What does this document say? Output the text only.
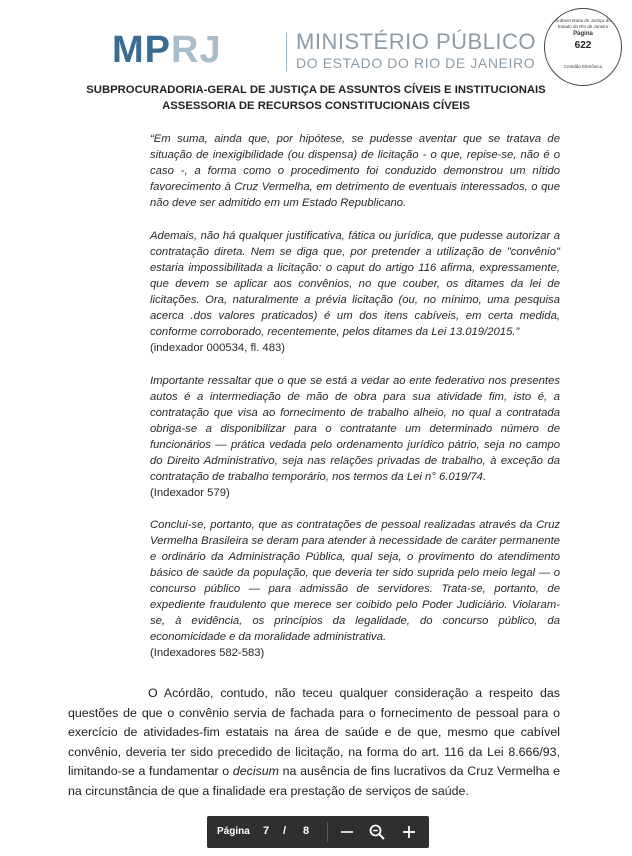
MPRJ	MINISTÉRIO PÚBLICO
DO ESTADO DO RIO DE JANEIRO
Subsecretaria de Justiça do Estado do Rio de Janeiro
Página
622
Certidão Eletrônica
SUBPROCURADORIA-GERAL DE JUSTIÇA DE ASSUNTOS CÍVEIS E INSTITUCIONAIS
ASSESSORIA DE RECURSOS CONSTITUCIONAIS CÍVEIS
“Em suma, ainda que, por hipótese, se pudesse aventar que se tratava de situação de inexigibilidade (ou dispensa) de licitação - o que, repise-se, não é o caso -, a forma como o procedimento foi conduzido demonstrou um nítido favorecimento à Cruz Vermelha, em detrimento de eventuais interessados, o que não deve ser admitido em um Estado Republicano.
Ademais, não há qualquer justificativa, fática ou jurídica, que pudesse autorizar a contratação direta. Nem se diga que, por pretender a utilização de "convênio" estaria impossibilitada a licitação: o caput do artigo 116 afirma, expressamente, que devem se aplicar aos convênios, no que couber, os ditames da lei de licitações. Ora, naturalmente a prévia licitação (ou, no mínimo, uma pesquisa acerca .dos valores praticados) é um dos itens cabíveis, em certa medida, conforme corroborado, recentemente, pelos ditames da Lei 13.019/2015.”
(indexador 000534, fl. 483)
Importante ressaltar que o que se está a vedar ao ente federativo nos presentes autos é a intermediação de mão de obra para sua atividade fim, isto é, a contratação que visa ao fornecimento de trabalho alheio, no qual a contratada obriga-se a disponibilizar para o contratante um determinado número de funcionários — prática vedada pelo ordenamento jurídico pátrio, seja no campo do Direito Administrativo, seja nas relações privadas de trabalho, à exceção da contratação de trabalho temporário, nos termos da Lei n° 6.019/74.
(Indexador 579)
Conclui-se, portanto, que as contratações de pessoal realizadas através da Cruz Vermelha Brasileira se deram para atender à necessidade de caráter permanente e ordinário da Administração Pública, qual seja, o provimento do atendimento básico de saúde da população, que deveria ter sido suprida pelo meio legal — o concurso público — para admissão de servidores. Trata-se, portanto, de expediente fraudulento que merece ser coibido pelo Poder Judiciário. Violaram-se, à evidência, os princípios da legalidade, do concurso público, da economicidade e da moralidade administrativa.
(Indexadores 582-583)
O Acórdão, contudo, não teceu qualquer consideração a respeito das questões de que o convênio servia de fachada para o fornecimento de pessoal para o exercício de atividades-fim estatais na área de saúde e de que, mesmo que cabível convênio, deveria ter sido precedido de licitação, na forma do art. 116 da Lei 8.666/93, limitando-se a fundamentar o decisum na ausência de fins lucrativos da Cruz Vermelha e na circunstância de que a finalidade era prestação de serviços de saúde.
Página 7 / 8
